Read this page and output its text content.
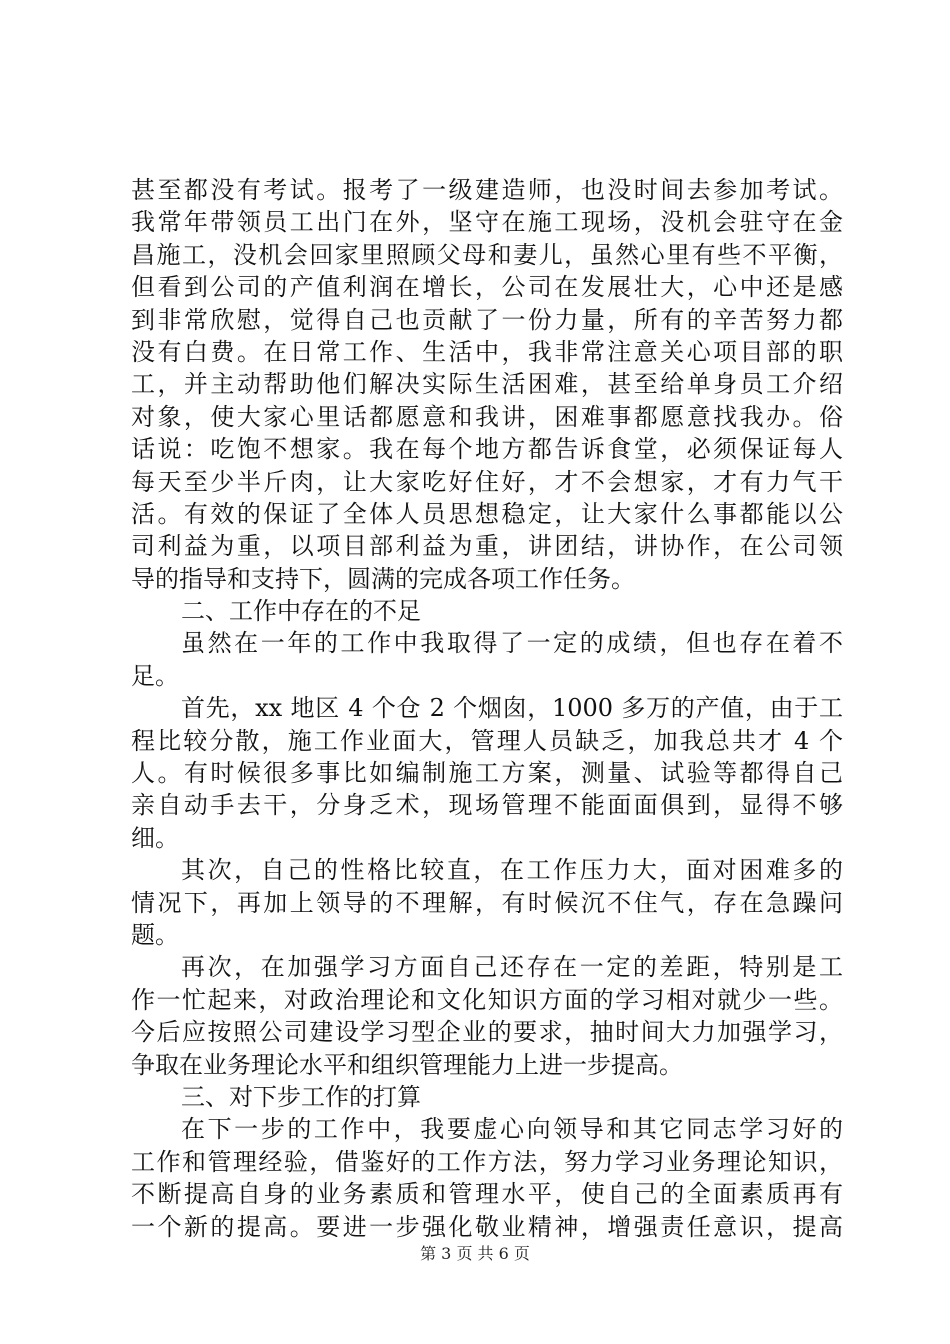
甚至都没有考试。报考了一级建造师，也没时间去参加考试。
我常年带领员工出门在外，坚守在施工现场，没机会驻守在金
昌施工，没机会回家里照顾父母和妻儿，虽然心里有些不平衡，
但看到公司的产值利润在增长，公司在发展壮大，心中还是感
到非常欣慰，觉得自己也贡献了一份力量，所有的辛苦努力都
没有白费。在日常工作、生活中，我非常注意关心项目部的职
工，并主动帮助他们解决实际生活困难，甚至给单身员工介绍
对象，使大家心里话都愿意和我讲，困难事都愿意找我办。俗
话说：吃饱不想家。我在每个地方都告诉食堂，必须保证每人
每天至少半斤肉，让大家吃好住好，才不会想家，才有力气干
活。有效的保证了全体人员思想稳定，让大家什么事都能以公
司利益为重，以项目部利益为重，讲团结，讲协作，在公司领
导的指导和支持下，圆满的完成各项工作任务。
二、工作中存在的不足
虽然在一年的工作中我取得了一定的成绩，但也存在着不
足。
首先，xx 地区 4 个仓 2 个烟囱，1000 多万的产值，由于工
程比较分散，施工作业面大，管理人员缺乏，加我总共才 4 个
人。有时候很多事比如编制施工方案，测量、试验等都得自己
亲自动手去干，分身乏术，现场管理不能面面俱到，显得不够
细。
其次，自己的性格比较直，在工作压力大，面对困难多的
情况下，再加上领导的不理解，有时候沉不住气，存在急躁问
题。
再次，在加强学习方面自己还存在一定的差距，特别是工
作一忙起来，对政治理论和文化知识方面的学习相对就少一些。
今后应按照公司建设学习型企业的要求，抽时间大力加强学习，
争取在业务理论水平和组织管理能力上进一步提高。
三、对下步工作的打算
在下一步的工作中，我要虚心向领导和其它同志学习好的
工作和管理经验，借鉴好的工作方法，努力学习业务理论知识，
不断提高自身的业务素质和管理水平，使自己的全面素质再有
一个新的提高。要进一步强化敬业精神，增强责任意识，提高
第 3 页 共 6 页
